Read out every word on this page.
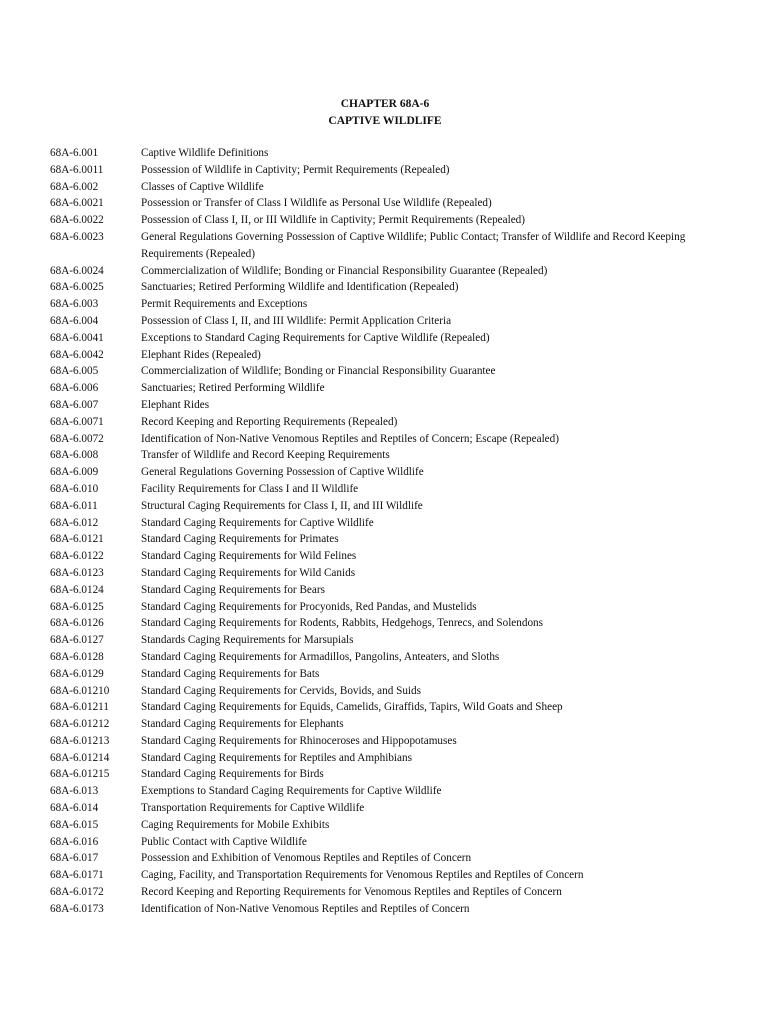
CHAPTER 68A-6
CAPTIVE WILDLIFE
68A-6.001	Captive Wildlife Definitions
68A-6.0011	Possession of Wildlife in Captivity; Permit Requirements (Repealed)
68A-6.002	Classes of Captive Wildlife
68A-6.0021	Possession or Transfer of Class I Wildlife as Personal Use Wildlife (Repealed)
68A-6.0022	Possession of Class I, II, or III Wildlife in Captivity; Permit Requirements (Repealed)
68A-6.0023	General Regulations Governing Possession of Captive Wildlife; Public Contact; Transfer of Wildlife and Record Keeping Requirements (Repealed)
68A-6.0024	Commercialization of Wildlife; Bonding or Financial Responsibility Guarantee (Repealed)
68A-6.0025	Sanctuaries; Retired Performing Wildlife and Identification (Repealed)
68A-6.003	Permit Requirements and Exceptions
68A-6.004	Possession of Class I, II, and III Wildlife: Permit Application Criteria
68A-6.0041	Exceptions to Standard Caging Requirements for Captive Wildlife (Repealed)
68A-6.0042	Elephant Rides (Repealed)
68A-6.005	Commercialization of Wildlife; Bonding or Financial Responsibility Guarantee
68A-6.006	Sanctuaries; Retired Performing Wildlife
68A-6.007	Elephant Rides
68A-6.0071	Record Keeping and Reporting Requirements (Repealed)
68A-6.0072	Identification of Non-Native Venomous Reptiles and Reptiles of Concern; Escape (Repealed)
68A-6.008	Transfer of Wildlife and Record Keeping Requirements
68A-6.009	General Regulations Governing Possession of Captive Wildlife
68A-6.010	Facility Requirements for Class I and II Wildlife
68A-6.011	Structural Caging Requirements for Class I, II, and III Wildlife
68A-6.012	Standard Caging Requirements for Captive Wildlife
68A-6.0121	Standard Caging Requirements for Primates
68A-6.0122	Standard Caging Requirements for Wild Felines
68A-6.0123	Standard Caging Requirements for Wild Canids
68A-6.0124	Standard Caging Requirements for Bears
68A-6.0125	Standard Caging Requirements for Procyonids, Red Pandas, and Mustelids
68A-6.0126	Standard Caging Requirements for Rodents, Rabbits, Hedgehogs, Tenrecs, and Solendons
68A-6.0127	Standards Caging Requirements for Marsupials
68A-6.0128	Standard Caging Requirements for Armadillos, Pangolins, Anteaters, and Sloths
68A-6.0129	Standard Caging Requirements for Bats
68A-6.01210	Standard Caging Requirements for Cervids, Bovids, and Suids
68A-6.01211	Standard Caging Requirements for Equids, Camelids, Giraffids, Tapirs, Wild Goats and Sheep
68A-6.01212	Standard Caging Requirements for Elephants
68A-6.01213	Standard Caging Requirements for Rhinoceroses and Hippopotamuses
68A-6.01214	Standard Caging Requirements for Reptiles and Amphibians
68A-6.01215	Standard Caging Requirements for Birds
68A-6.013	Exemptions to Standard Caging Requirements for Captive Wildlife
68A-6.014	Transportation Requirements for Captive Wildlife
68A-6.015	Caging Requirements for Mobile Exhibits
68A-6.016	Public Contact with Captive Wildlife
68A-6.017	Possession and Exhibition of Venomous Reptiles and Reptiles of Concern
68A-6.0171	Caging, Facility, and Transportation Requirements for Venomous Reptiles and Reptiles of Concern
68A-6.0172	Record Keeping and Reporting Requirements for Venomous Reptiles and Reptiles of Concern
68A-6.0173	Identification of Non-Native Venomous Reptiles and Reptiles of Concern
